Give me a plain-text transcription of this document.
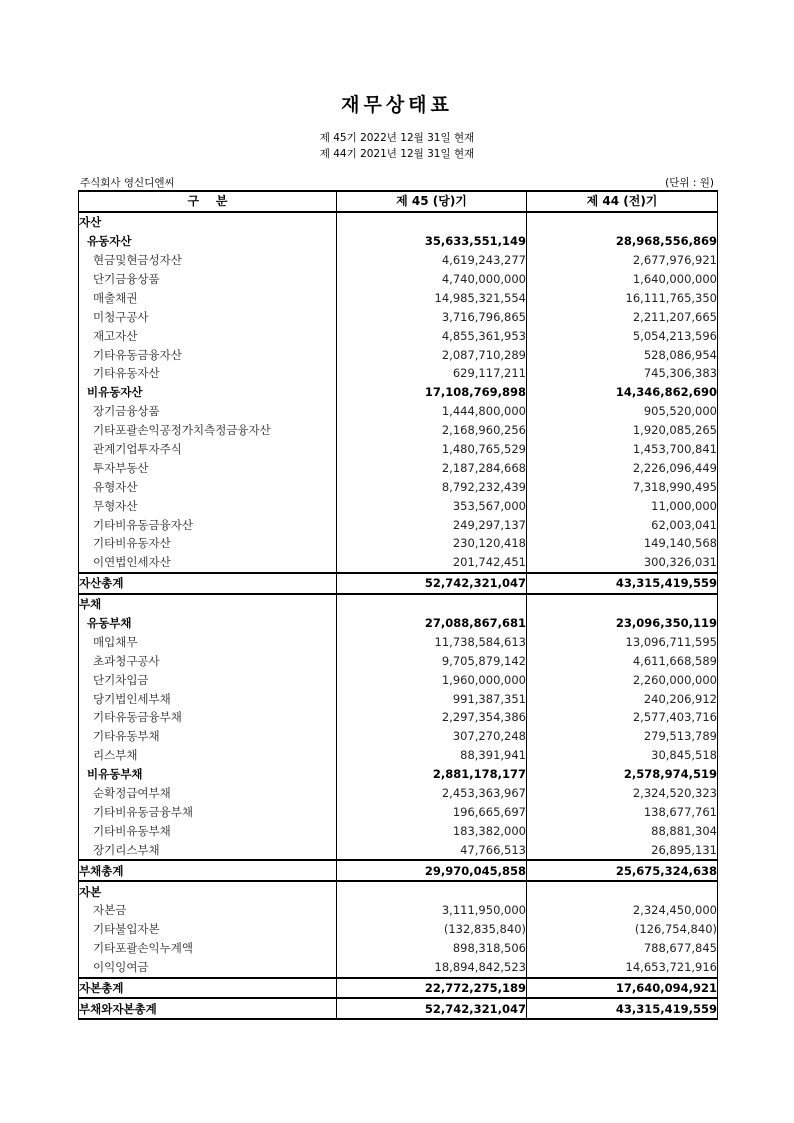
재무상태표
제 45기 2022년 12월 31일 현재
제 44기 2021년 12월 31일 현재
주식회사 영신디엔씨	(단위 : 원)
구    분	제 45 (당)기	제 44 (전)기
자산		
유동자산	35,633,551,149	28,968,556,869
현금및현금성자산	4,619,243,277	2,677,976,921
단기금융상품	4,740,000,000	1,640,000,000
매출채권	14,985,321,554	16,111,765,350
미청구공사	3,716,796,865	2,211,207,665
재고자산	4,855,361,953	5,054,213,596
기타유동금융자산	2,087,710,289	528,086,954
기타유동자산	629,117,211	745,306,383
비유동자산	17,108,769,898	14,346,862,690
장기금융상품	1,444,800,000	905,520,000
기타포괄손익공정가치측정금융자산	2,168,960,256	1,920,085,265
관계기업투자주식	1,480,765,529	1,453,700,841
투자부동산	2,187,284,668	2,226,096,449
유형자산	8,792,232,439	7,318,990,495
무형자산	353,567,000	11,000,000
기타비유동금융자산	249,297,137	62,003,041
기타비유동자산	230,120,418	149,140,568
이연법인세자산	201,742,451	300,326,031
자산총계	52,742,321,047	43,315,419,559
부채		
유동부채	27,088,867,681	23,096,350,119
매입채무	11,738,584,613	13,096,711,595
초과청구공사	9,705,879,142	4,611,668,589
단기차입금	1,960,000,000	2,260,000,000
당기법인세부채	991,387,351	240,206,912
기타유동금융부채	2,297,354,386	2,577,403,716
기타유동부채	307,270,248	279,513,789
리스부채	88,391,941	30,845,518
비유동부채	2,881,178,177	2,578,974,519
순확정급여부채	2,453,363,967	2,324,520,323
기타비유동금융부채	196,665,697	138,677,761
기타비유동부채	183,382,000	88,881,304
장기리스부채	47,766,513	26,895,131
부채총계	29,970,045,858	25,675,324,638
자본		
자본금	3,111,950,000	2,324,450,000
기타불입자본	(132,835,840)	(126,754,840)
기타포괄손익누계액	898,318,506	788,677,845
이익잉여금	18,894,842,523	14,653,721,916
자본총계	22,772,275,189	17,640,094,921
부채와자본총계	52,742,321,047	43,315,419,559
